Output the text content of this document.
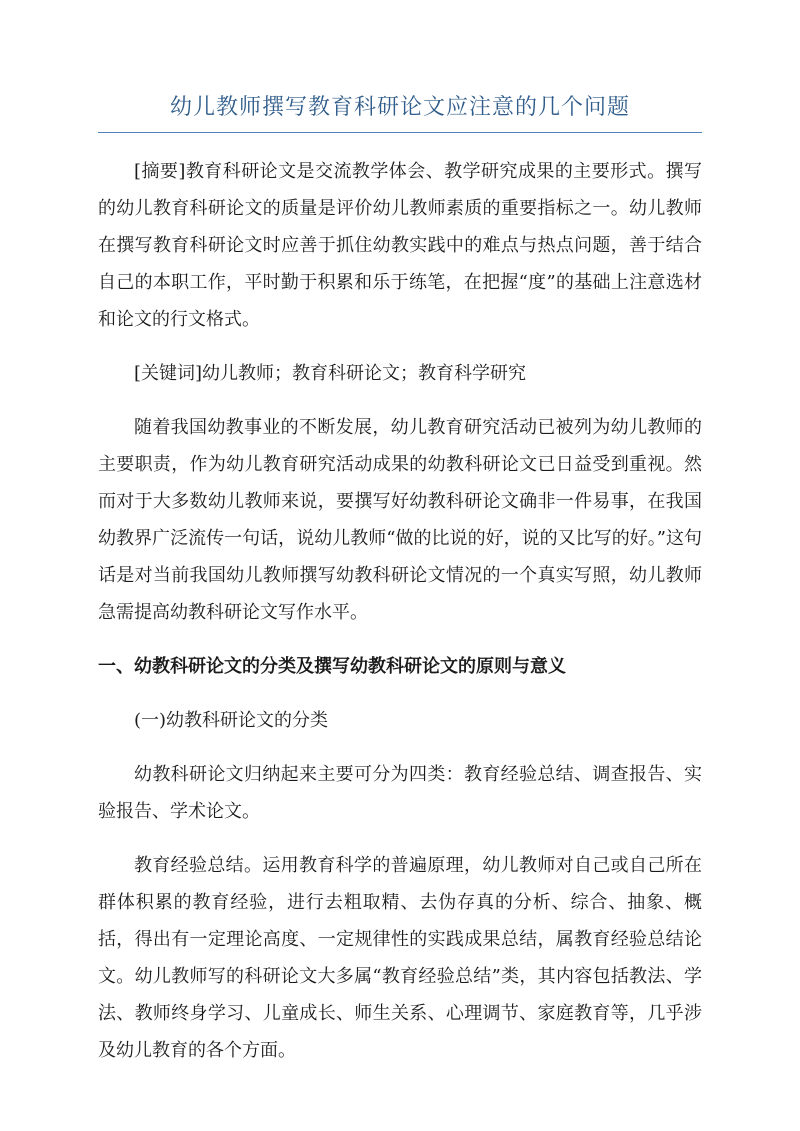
幼儿教师撰写教育科研论文应注意的几个问题

[摘要]教育科研论文是交流教学体会、教学研究成果的主要形式。撰写的幼儿教育科研论文的质量是评价幼儿教师素质的重要指标之一。幼儿教师在撰写教育科研论文时应善于抓住幼教实践中的难点与热点问题，善于结合自己的本职工作，平时勤于积累和乐于练笔，在把握“度”的基础上注意选材和论文的行文格式。

[关键词]幼儿教师；教育科研论文；教育科学研究

随着我国幼教事业的不断发展，幼儿教育研究活动已被列为幼儿教师的主要职责，作为幼儿教育研究活动成果的幼教科研论文已日益受到重视。然而对于大多数幼儿教师来说，要撰写好幼教科研论文确非一件易事，在我国幼教界广泛流传一句话，说幼儿教师“做的比说的好，说的又比写的好。”这句话是对当前我国幼儿教师撰写幼教科研论文情况的一个真实写照，幼儿教师急需提高幼教科研论文写作水平。

一、幼教科研论文的分类及撰写幼教科研论文的原则与意义

(一)幼教科研论文的分类

幼教科研论文归纳起来主要可分为四类：教育经验总结、调查报告、实验报告、学术论文。

教育经验总结。运用教育科学的普遍原理，幼儿教师对自己或自己所在群体积累的教育经验，进行去粗取精、去伪存真的分析、综合、抽象、概括，得出有一定理论高度、一定规律性的实践成果总结，属教育经验总结论文。幼儿教师写的科研论文大多属“教育经验总结”类，其内容包括教法、学法、教师终身学习、儿童成长、师生关系、心理调节、家庭教育等，几乎涉及幼儿教育的各个方面。
